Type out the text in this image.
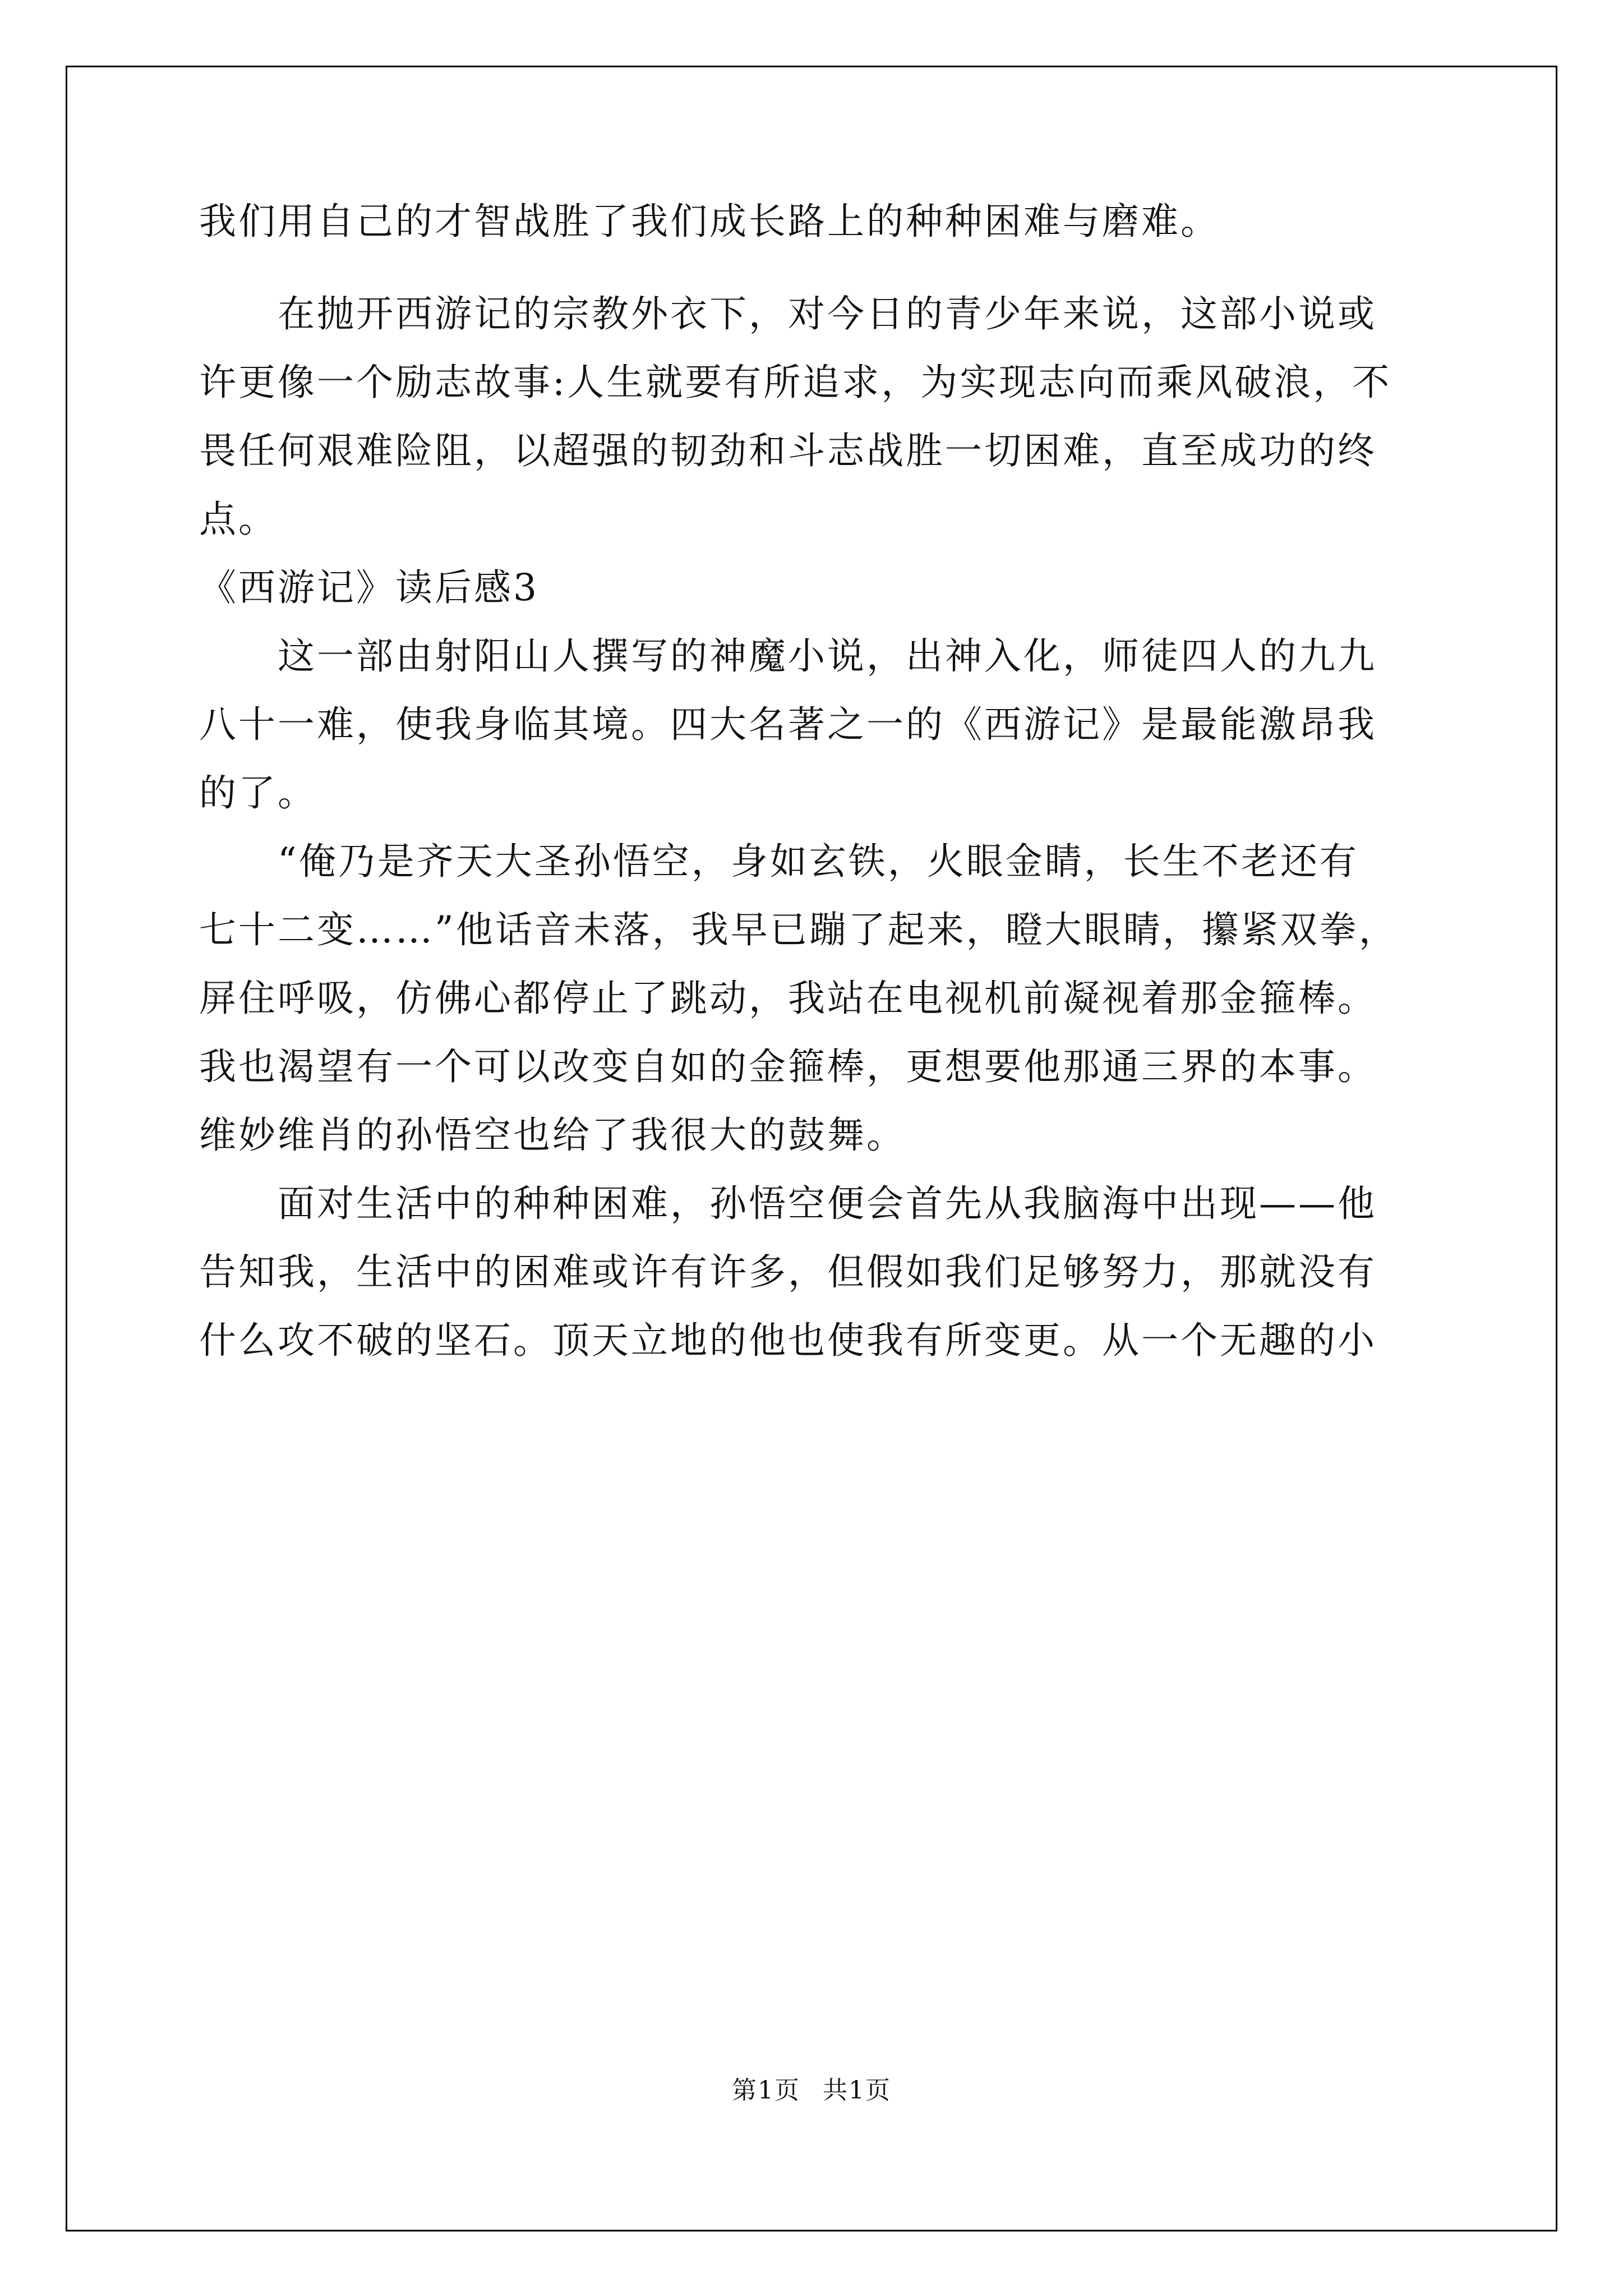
我们用自己的才智战胜了我们成长路上的种种困难与磨难。
　　在抛开西游记的宗教外衣下，对今日的青少年来说，这部小说或
许更像一个励志故事:人生就要有所追求，为实现志向而乘风破浪，不
畏任何艰难险阻，以超强的韧劲和斗志战胜一切困难，直至成功的终
点。
《西游记》读后感3
　　这一部由射阳山人撰写的神魔小说，出神入化，师徒四人的九九
八十一难，使我身临其境。四大名著之一的《西游记》是最能激昂我
的了。
　　“俺乃是齐天大圣孙悟空，身如玄铁，火眼金睛，长生不老还有
七十二变……”他话音未落，我早已蹦了起来，瞪大眼睛，攥紧双拳，
屏住呼吸，仿佛心都停止了跳动，我站在电视机前凝视着那金箍棒。
我也渴望有一个可以改变自如的金箍棒，更想要他那通三界的本事。
维妙维肖的孙悟空也给了我很大的鼓舞。
　　面对生活中的种种困难，孙悟空便会首先从我脑海中出现——他
告知我，生活中的困难或许有许多，但假如我们足够努力，那就没有
什么攻不破的坚石。顶天立地的他也使我有所变更。从一个无趣的小
第1页 共1页
